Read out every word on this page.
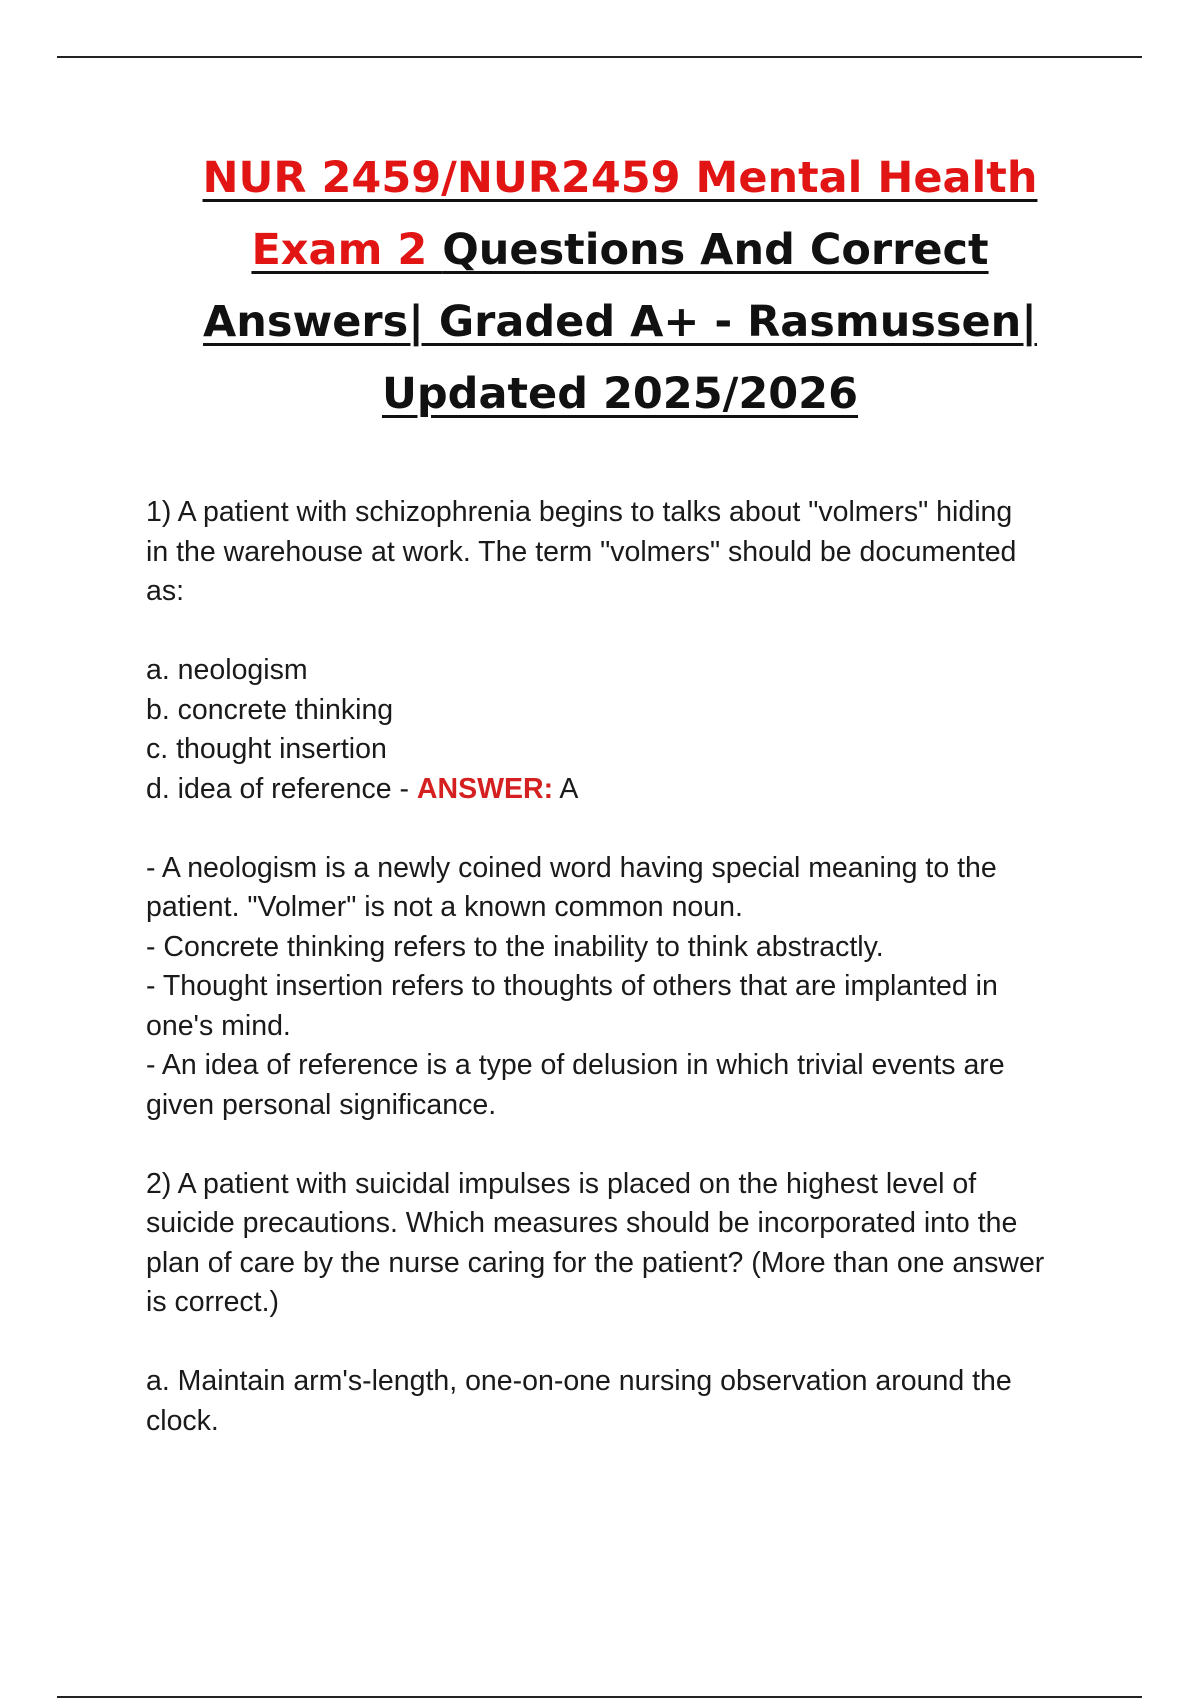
NUR 2459/NUR2459 Mental Health
Exam 2 Questions And Correct
Answers| Graded A+ - Rasmussen|
Updated 2025/2026
1) A patient with schizophrenia begins to talks about "volmers" hiding
in the warehouse at work. The term "volmers" should be documented
as:
a. neologism
b. concrete thinking
c. thought insertion
d. idea of reference - ANSWER: A
- A neologism is a newly coined word having special meaning to the
patient. "Volmer" is not a known common noun.
- Concrete thinking refers to the inability to think abstractly.
- Thought insertion refers to thoughts of others that are implanted in
one's mind.
- An idea of reference is a type of delusion in which trivial events are
given personal significance.
2) A patient with suicidal impulses is placed on the highest level of
suicide precautions. Which measures should be incorporated into the
plan of care by the nurse caring for the patient? (More than one answer
is correct.)
a. Maintain arm's-length, one-on-one nursing observation around the
clock.
